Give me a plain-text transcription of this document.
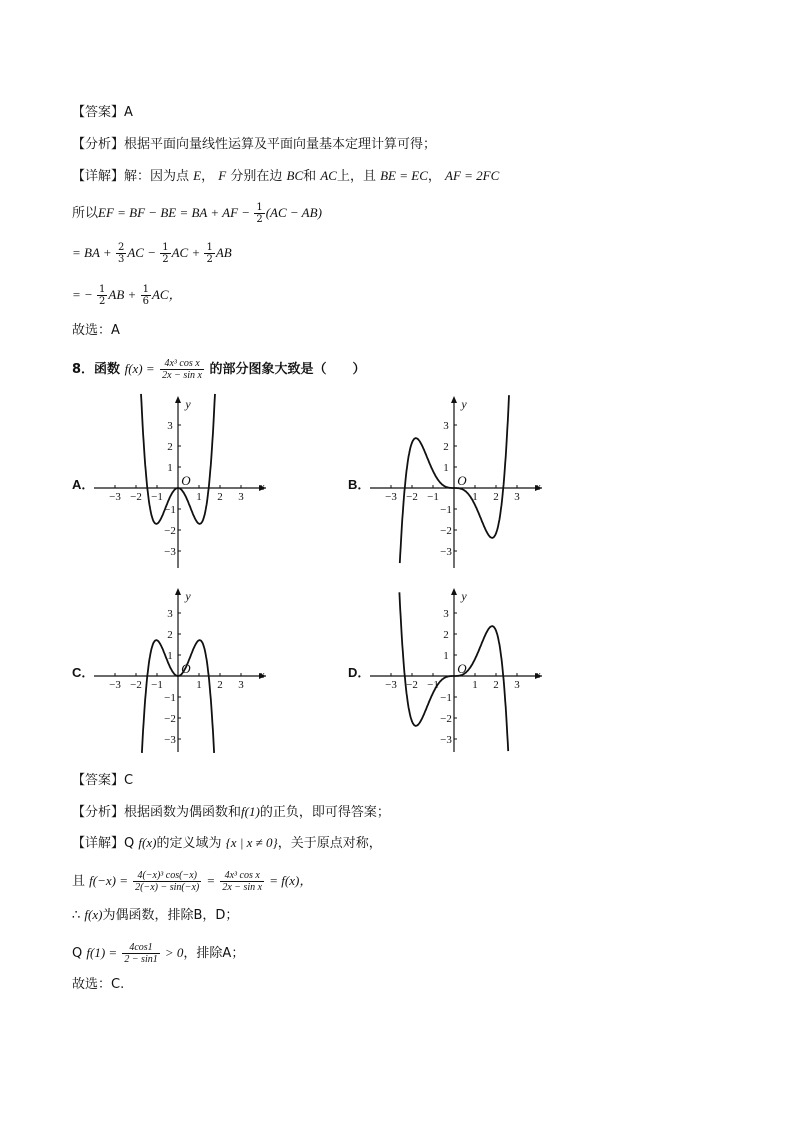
【答案】A
【分析】根据平面向量线性运算及平面向量基本定理计算可得；
【详解】解：因为点 E， F 分别在边 BC和 AC上，且 BE = EC， AF = 2FC
所以EF = BF − BE = BA + AF − $\frac{1}{2} (AC - AB)$
= BA + $\frac{2}{3}$ AC − $\frac{1}{2}$ AC + $\frac{1}{2}$ AB
= − $\frac{1}{2}$ AB + $\frac{1}{6}$ AC，
故选：A
8．函数 $f(x) = \frac{\text{4x³ cos x}}{\text{2x − sin x}}$ 的部分图象大致是（　　）
A．	B．
C．	D．
y
x
O
−3 −2 −1	1 2 3
3
2
1
−1
−2
−3
y
x
O
−3 −2 −1	1 2 3
3
2
1
−1
−2
−3
y
x
O
−3 −2 −1	1 2 3
3
2
1
−1
−2
−3
y
x
O
−3 −2 −1	1 2 3
3
2
1
−1
−2
−3
【答案】C
【分析】根据函数为偶函数和f(1)的正负，即可得答案；
【详解】Q f(x)的定义域为 {x | x ≠ 0}，关于原点对称，
且 $f(-x) = \frac{\text{4(−x)³ cos(−x)}}{2(-x) - \sin(-x)} = \frac{\text{4x³ cos x}}{\text{2x − sin x}} = f(x)$，
∴ f(x)为偶函数，排除B，D；
Q $f(1) = \frac{4\cos 1}{2 - \sin 1} > 0$，排除A；
故选：C.
